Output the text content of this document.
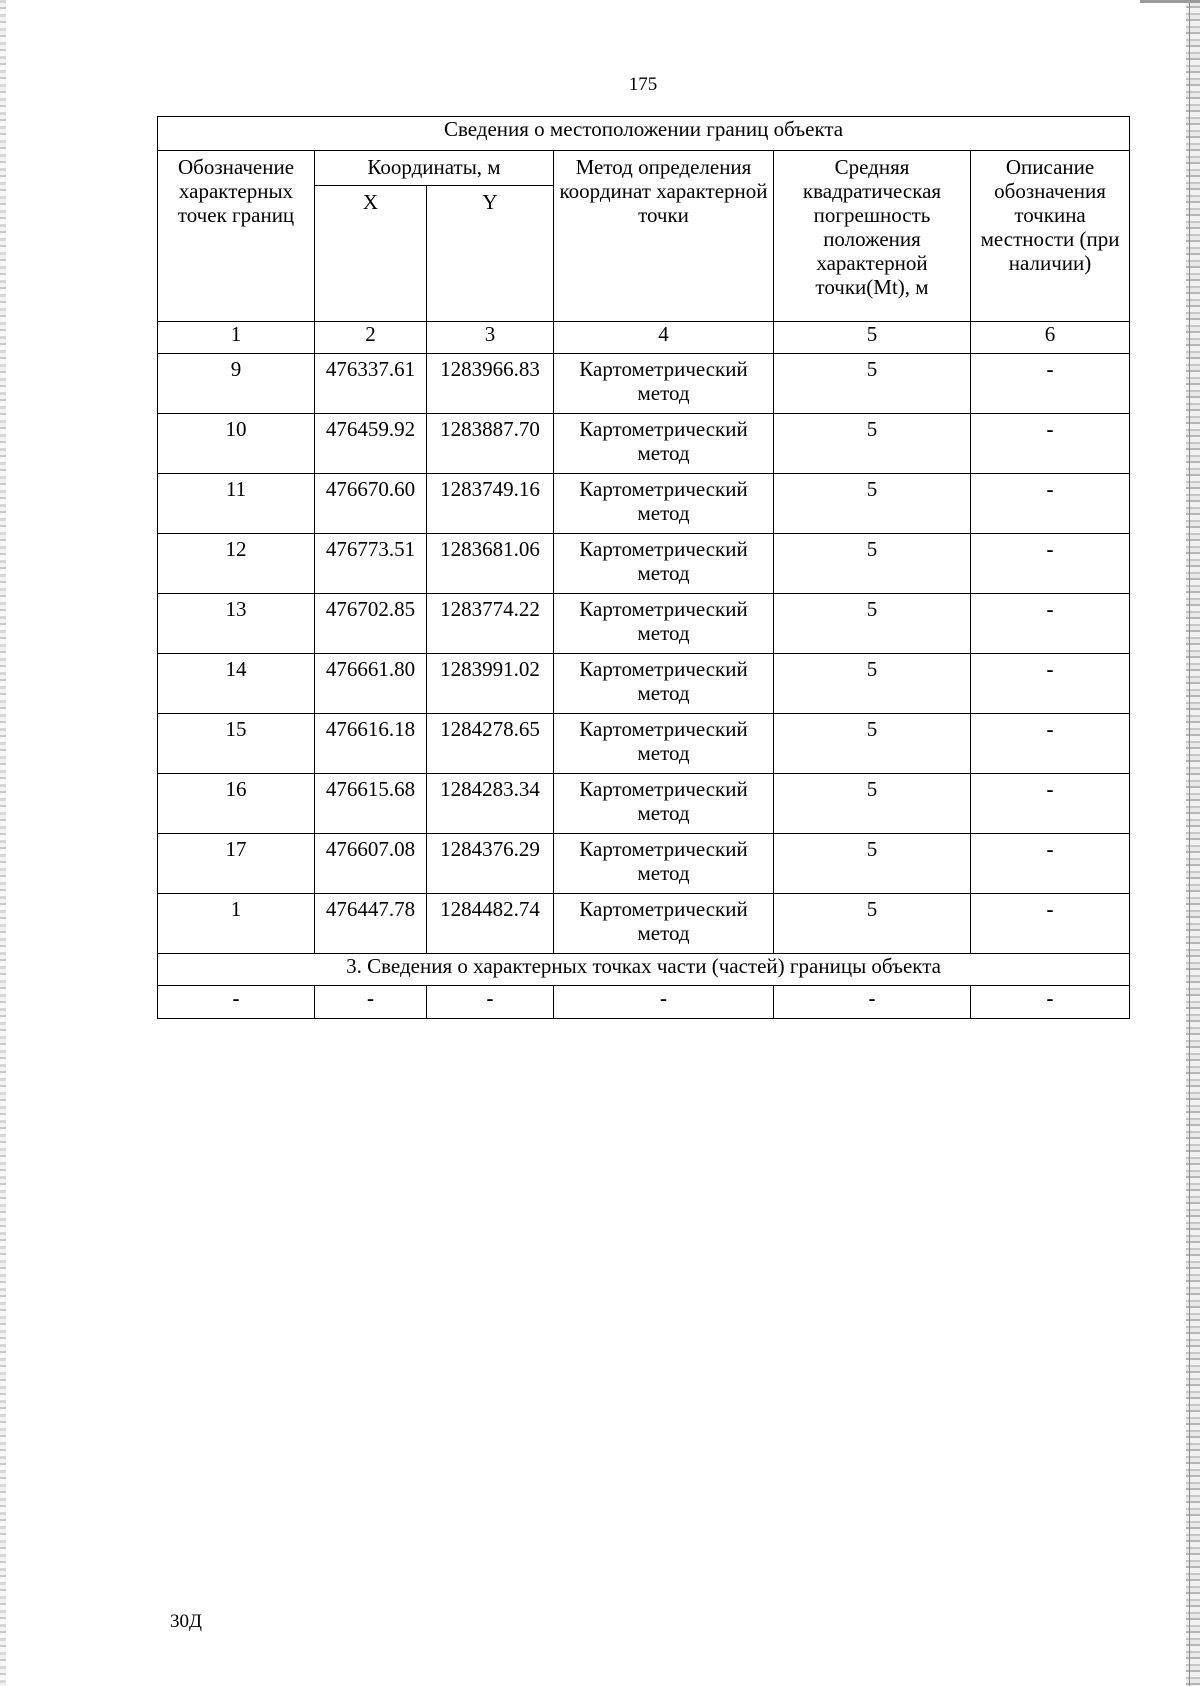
175
Сведения о местоположении границ объекта					
Обозначение характерных точек границ	Координаты, м		Метод определения координат характерной точки	Средняя квадратическая погрешность положения характерной точки(Mt), м	Описание обозначения точкина местности (при наличии)
	X	Y			
1	2	3	4	5	6
9	476337.61	1283966.83	Картометрический метод	5	-
10	476459.92	1283887.70	Картометрический метод	5	-
11	476670.60	1283749.16	Картометрический метод	5	-
12	476773.51	1283681.06	Картометрический метод	5	-
13	476702.85	1283774.22	Картометрический метод	5	-
14	476661.80	1283991.02	Картометрический метод	5	-
15	476616.18	1284278.65	Картометрический метод	5	-
16	476615.68	1284283.34	Картометрический метод	5	-
17	476607.08	1284376.29	Картометрический метод	5	-
1	476447.78	1284482.74	Картометрический метод	5	-
3. Сведения о характерных точках части (частей) границы объекта					
-	-	-	-	-	-
30Д
